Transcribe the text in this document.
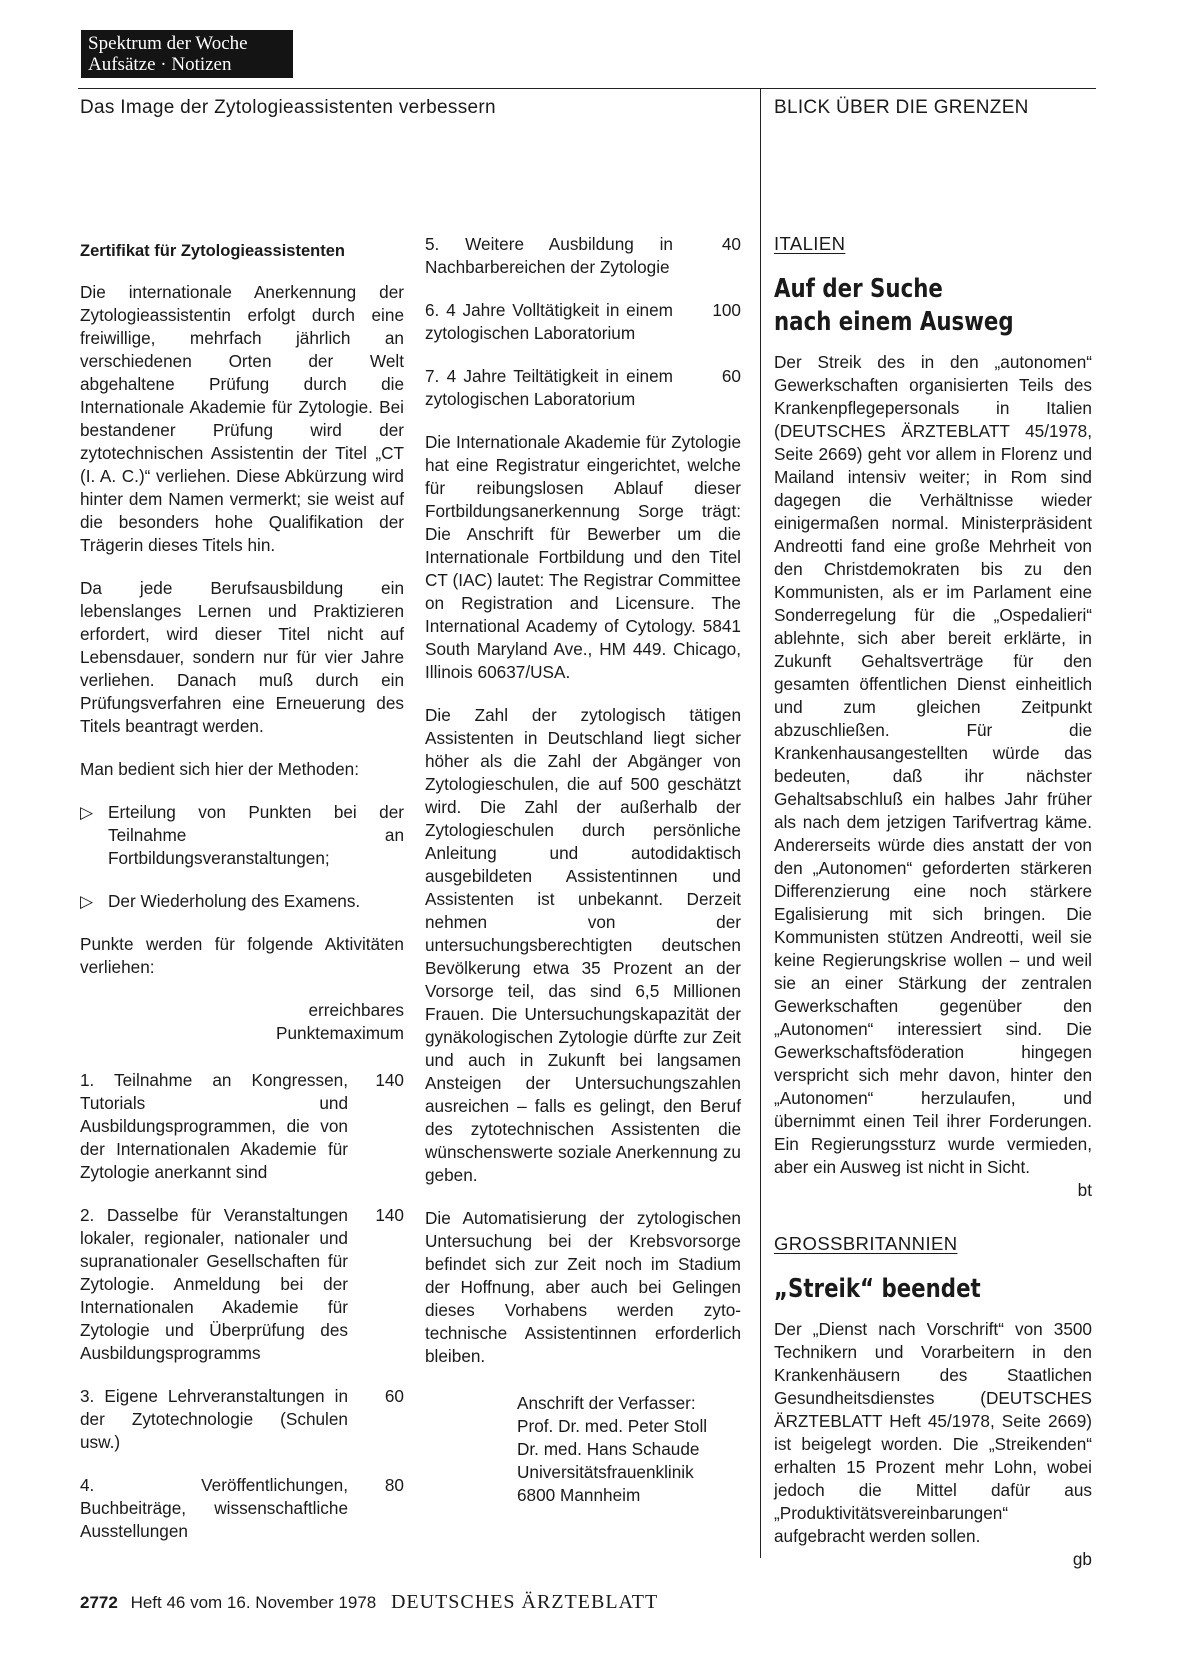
Spektrum der Woche
Aufsätze · Notizen
Das Image der Zytologieassistenten verbessern	BLICK ÜBER DIE GRENZEN
Zertifikat für Zytologieassistenten

Die internationale Anerkennung der Zytologieassistentin erfolgt durch eine freiwillige, mehrfach jährlich an verschiedenen Orten der Welt abgehaltene Prüfung durch die Internationale Akademie für Zytologie. Bei bestandener Prüfung wird der zytotechnischen Assistentin der Titel „CT (I. A. C.)“ verliehen. Diese Abkürzung wird hinter dem Namen vermerkt; sie weist auf die besonders hohe Qualifikation der Trägerin dieses Titels hin.

Da jede Berufsausbildung ein lebenslanges Lernen und Praktizieren erfordert, wird dieser Titel nicht auf Lebensdauer, sondern nur für vier Jahre verliehen. Danach muß durch ein Prüfungsverfahren eine Erneuerung des Titels beantragt werden.

Man bedient sich hier der Methoden:

▷ Erteilung von Punkten bei der Teilnahme an Fortbildungsveranstaltungen;
▷ Der Wiederholung des Examens.

Punkte werden für folgende Aktivitäten verliehen:

erreichbares
Punktemaximum
1. Teilnahme an Kongressen, Tutorials und Ausbildungsprogrammen, die von der Internationalen Akademie für Zytologie anerkannt sind
140
2. Dasselbe für Veranstaltungen lokaler, regionaler, nationaler und supranationaler Gesellschaften für Zytologie. Anmeldung bei der Internationalen Akademie für Zytologie und Überprüfung des Ausbildungsprogramms
140
3. Eigene Lehrveranstaltungen in der Zytotechnologie (Schulen usw.)
60
4. Veröffentlichungen, Buchbeiträge, wissenschaftliche Ausstellungen
80
5. Weitere Ausbildung in Nachbarbereichen der Zytologie
40
6. 4 Jahre Volltätigkeit in einem zytologischen Laboratorium
100
7. 4 Jahre Teiltätigkeit in einem zytologischen Laboratorium
60

Die Internationale Akademie für Zytologie hat eine Registratur eingerichtet, welche für reibungslosen Ablauf dieser Fortbildungsanerkennung Sorge trägt: Die Anschrift für Bewerber um die Internationale Fortbildung und den Titel CT (IAC) lautet: The Registrar Committee on Registration and Licensure. The International Academy of Cytology. 5841 South Maryland Ave., HM 449. Chicago, Illinois 60637/USA.

Die Zahl der zytologisch tätigen Assistenten in Deutschland liegt sicher höher als die Zahl der Abgänger von Zytologieschulen, die auf 500 geschätzt wird. Die Zahl der außerhalb der Zytologieschulen durch persönliche Anleitung und autodidaktisch ausgebildeten Assistentinnen und Assistenten ist unbekannt. Derzeit nehmen von der untersuchungsberechtigten deutschen Bevölkerung etwa 35 Prozent an der Vorsorge teil, das sind 6,5 Millionen Frauen. Die Untersuchungskapazität der gynäkologischen Zytologie dürfte zur Zeit und auch in Zukunft bei langsamen Ansteigen der Untersuchungszahlen ausreichen – falls es gelingt, den Beruf des zytotechnischen Assistenten die wünschenswerte soziale Anerkennung zu geben.

Die Automatisierung der zytologischen Untersuchung bei der Krebsvorsorge befindet sich zur Zeit noch im Stadium der Hoffnung, aber auch bei Gelingen dieses Vorhabens werden zyto-technische Assistentinnen erforderlich bleiben.

Anschrift der Verfasser:
Prof. Dr. med. Peter Stoll
Dr. med. Hans Schaude
Universitätsfrauenklinik
6800 Mannheim
ITALIEN
Auf der Suche
nach einem Ausweg

Der Streik des in den „autonomen“ Gewerkschaften organisierten Teils des Krankenpflegepersonals in Italien (DEUTSCHES ÄRZTEBLATT 45/1978, Seite 2669) geht vor allem in Florenz und Mailand intensiv weiter; in Rom sind dagegen die Verhältnisse wieder einigermaßen normal. Ministerpräsident Andreotti fand eine große Mehrheit von den Christdemokraten bis zu den Kommunisten, als er im Parlament eine Sonderregelung für die „Ospedalieri“ ablehnte, sich aber bereit erklärte, in Zukunft Gehaltsverträge für den gesamten öffentlichen Dienst einheitlich und zum gleichen Zeitpunkt abzuschließen. Für die Krankenhausangestellten würde das bedeuten, daß ihr nächster Gehaltsabschluß ein halbes Jahr früher als nach dem jetzigen Tarifvertrag käme. Andererseits würde dies anstatt der von den „Autonomen“ geforderten stärkeren Differenzierung eine noch stärkere Egalisierung mit sich bringen. Die Kommunisten stützen Andreotti, weil sie keine Regierungskrise wollen – und weil sie an einer Stärkung der zentralen Gewerkschaften gegenüber den „Autonomen“ interessiert sind. Die Gewerkschaftsföderation hingegen verspricht sich mehr davon, hinter den „Autonomen“ herzulaufen, und übernimmt einen Teil ihrer Forderungen. Ein Regierungssturz wurde vermieden, aber ein Ausweg ist nicht in Sicht.

bt
GROSSBRITANNIEN
„Streik“ beendet

Der „Dienst nach Vorschrift“ von 3500 Technikern und Vorarbeitern in den Krankenhäusern des Staatlichen Gesundheitsdienstes (DEUTSCHES ÄRZTEBLATT Heft 45/1978, Seite 2669) ist beigelegt worden. Die „Streikenden“ erhalten 15 Prozent mehr Lohn, wobei jedoch die Mittel dafür aus „Produktivitätsvereinbarungen“ aufgebracht werden sollen.

gb
2772 Heft 46 vom 16. November 1978 DEUTSCHES ÄRZTEBLATT
